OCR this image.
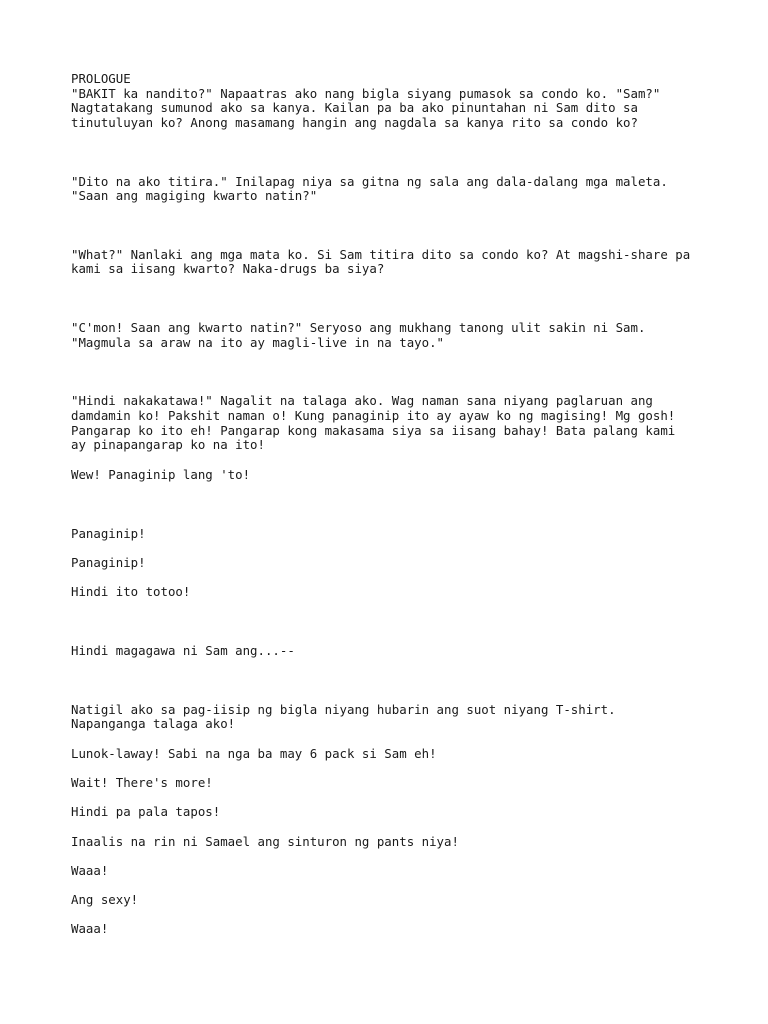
PROLOGUE
"BAKIT ka nandito?" Napaatras ako nang bigla siyang pumasok sa condo ko. "Sam?"
Nagtatakang sumunod ako sa kanya. Kailan pa ba ako pinuntahan ni Sam dito sa
tinutuluyan ko? Anong masamang hangin ang nagdala sa kanya rito sa condo ko?
"Dito na ako titira." Inilapag niya sa gitna ng sala ang dala-dalang mga maleta.
"Saan ang magiging kwarto natin?"
"What?" Nanlaki ang mga mata ko. Si Sam titira dito sa condo ko? At magshi-share pa
kami sa iisang kwarto? Naka-drugs ba siya?
"C'mon! Saan ang kwarto natin?" Seryoso ang mukhang tanong ulit sakin ni Sam.
"Magmula sa araw na ito ay magli-live in na tayo."
"Hindi nakakatawa!" Nagalit na talaga ako. Wag naman sana niyang paglaruan ang
damdamin ko! Pakshit naman o! Kung panaginip ito ay ayaw ko ng magising! Mg gosh!
Pangarap ko ito eh! Pangarap kong makasama siya sa iisang bahay! Bata palang kami
ay pinapangarap ko na ito!
Wew! Panaginip lang 'to!
Panaginip!
Panaginip!
Hindi ito totoo!
Hindi magagawa ni Sam ang...--
Natigil ako sa pag-iisip ng bigla niyang hubarin ang suot niyang T-shirt.
Napanganga talaga ako!
Lunok-laway! Sabi na nga ba may 6 pack si Sam eh!
Wait! There's more!
Hindi pa pala tapos!
Inaalis na rin ni Samael ang sinturon ng pants niya!
Waaa!
Ang sexy!
Waaa!
